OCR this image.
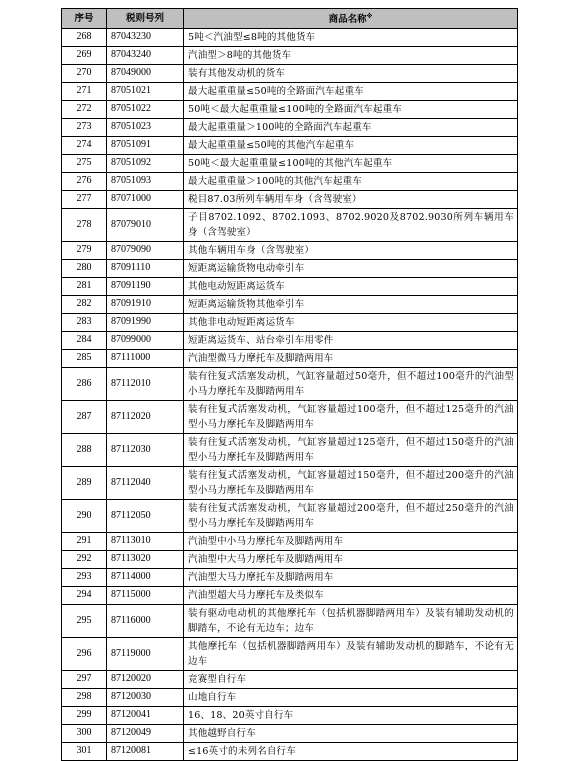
序号	税则号列	商品名称※
268	87043230	5吨＜汽油型≤8吨的其他货车
269	87043240	汽油型＞8吨的其他货车
270	87049000	装有其他发动机的货车
271	87051021	最大起重重量≤50吨的全路面汽车起重车
272	87051022	50吨＜最大起重重量≤100吨的全路面汽车起重车
273	87051023	最大起重重量＞100吨的全路面汽车起重车
274	87051091	最大起重重量≤50吨的其他汽车起重车
275	87051092	50吨＜最大起重重量≤100吨的其他汽车起重车
276	87051093	最大起重重量＞100吨的其他汽车起重车
277	87071000	税目87.03所列车辆用车身（含驾驶室）
278	87079010	子目8702.1092、8702.1093、8702.9020及8702.9030所列车辆用车身（含驾驶室）
279	87079090	其他车辆用车身（含驾驶室）
280	87091110	短距离运输货物电动牵引车
281	87091190	其他电动短距离运货车
282	87091910	短距离运输货物其他牵引车
283	87091990	其他非电动短距离运货车
284	87099000	短距离运货车、站台牵引车用零件
285	87111000	汽油型微马力摩托车及脚踏两用车
286	87112010	装有往复式活塞发动机，气缸容量超过50毫升，但不超过100毫升的汽油型小马力摩托车及脚踏两用车
287	87112020	装有往复式活塞发动机，气缸容量超过100毫升，但不超过125毫升的汽油型小马力摩托车及脚踏两用车
288	87112030	装有往复式活塞发动机，气缸容量超过125毫升，但不超过150毫升的汽油型小马力摩托车及脚踏两用车
289	87112040	装有往复式活塞发动机，气缸容量超过150毫升，但不超过200毫升的汽油型小马力摩托车及脚踏两用车
290	87112050	装有往复式活塞发动机，气缸容量超过200毫升，但不超过250毫升的汽油型小马力摩托车及脚踏两用车
291	87113010	汽油型中小马力摩托车及脚踏两用车
292	87113020	汽油型中大马力摩托车及脚踏两用车
293	87114000	汽油型大马力摩托车及脚踏两用车
294	87115000	汽油型超大马力摩托车及类似车
295	87116000	装有驱动电动机的其他摩托车（包括机器脚踏两用车）及装有辅助发动机的脚踏车，不论有无边车；边车
296	87119000	其他摩托车（包括机器脚踏两用车）及装有辅助发动机的脚踏车，不论有无边车
297	87120020	竞赛型自行车
298	87120030	山地自行车
299	87120041	16、18、20英寸自行车
300	87120049	其他越野自行车
301	87120081	≤16英寸的未列名自行车
